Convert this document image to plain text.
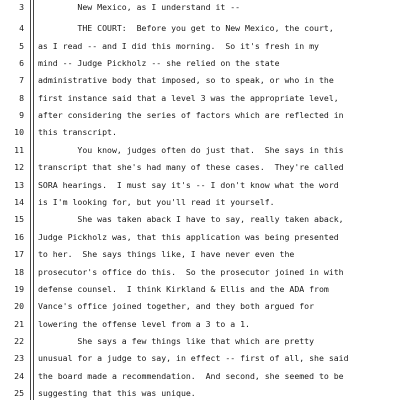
3 New Mexico, as I understand it --
4 THE COURT:  Before you get to New Mexico, the court,
5 as I read -- and I did this morning.  So it's fresh in my
6 mind -- Judge Pickholz -- she relied on the state
7 administrative body that imposed, so to speak, or who in the
8 first instance said that a level 3 was the appropriate level,
9 after considering the series of factors which are reflected in
10 this transcript.
11 You know, judges often do just that.  She says in this
12 transcript that she's had many of these cases.  They're called
13 SORA hearings.  I must say it's -- I don't know what the word
14 is I'm looking for, but you'll read it yourself.
15 She was taken aback I have to say, really taken aback,
16 Judge Pickholz was, that this application was being presented
17 to her.  She says things like, I have never even the
18 prosecutor's office do this.  So the prosecutor joined in with
19 defense counsel.  I think Kirkland & Ellis and the ADA from
20 Vance's office joined together, and they both argued for
21 lowering the offense level from a 3 to a 1.
22 She says a few things like that which are pretty
23 unusual for a judge to say, in effect -- first of all, she said
24 the board made a recommendation.  And second, she seemed to be
25 suggesting that this was unique.
